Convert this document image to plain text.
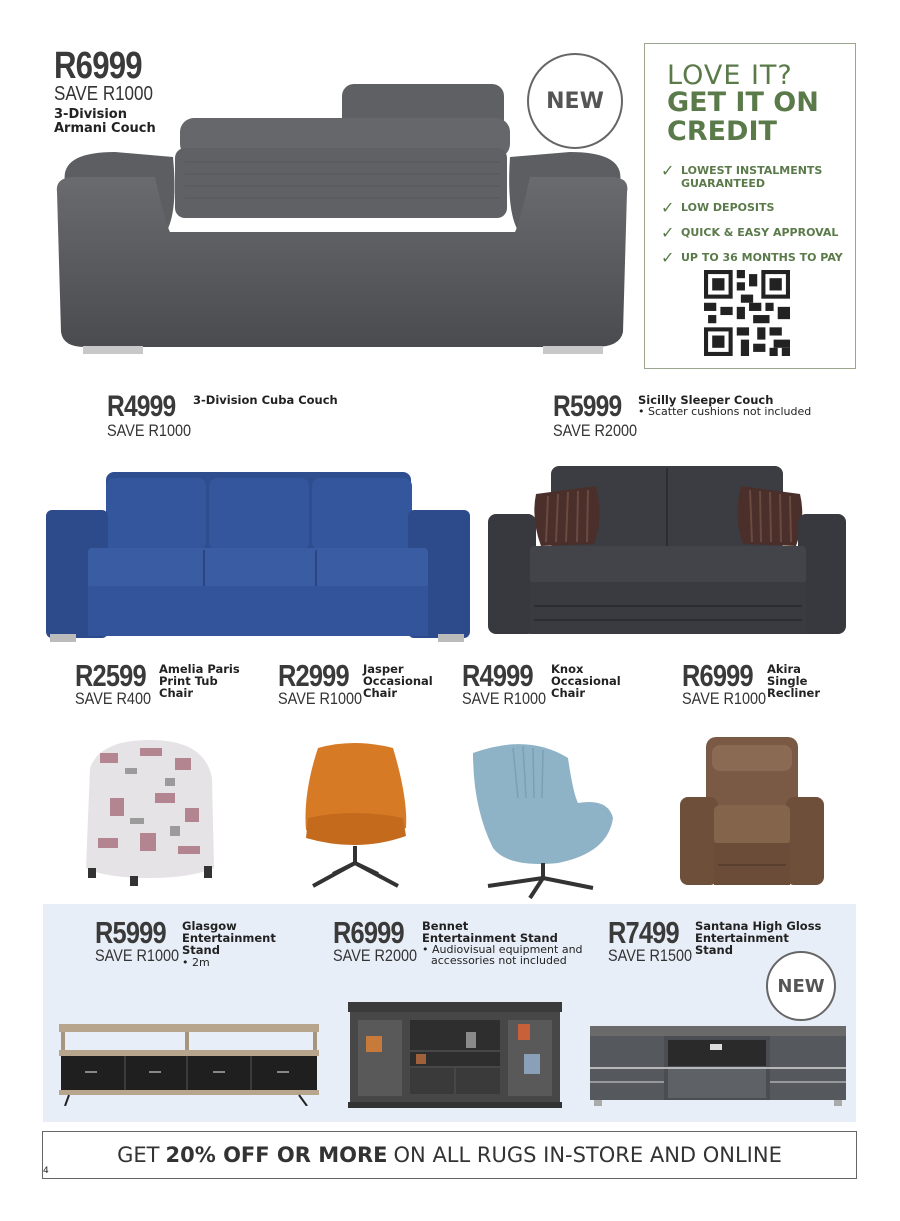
R6999
SAVE R1000
3-Division
Armani Couch
NEW
LOVE IT?
GET IT ON CREDIT
✓ LOWEST INSTALMENTS GUARANTEED
✓ LOW DEPOSITS
✓ QUICK & EASY APPROVAL
✓ UP TO 36 MONTHS TO PAY
R4999 3-Division Cuba Couch
SAVE R1000
R5999 Sicilly Sleeper Couch
• Scatter cushions not included
SAVE R2000
R2599 Amelia Paris
Print Tub
Chair
SAVE R400
R2999 Jasper
Occasional
Chair
SAVE R1000
R4999 Knox
Occasional
Chair
SAVE R1000
R6999 Akira
Single
Recliner
SAVE R1000
R5999 Glasgow
Entertainment
Stand
• 2m
SAVE R1000
R6999 Bennet
Entertainment Stand
• Audiovisual equipment and
accessories not included
SAVE R2000
R7499 Santana High Gloss
Entertainment
Stand
SAVE R1500
NEW
GET 20% OFF OR MORE ON ALL RUGS IN-STORE AND ONLINE
4
